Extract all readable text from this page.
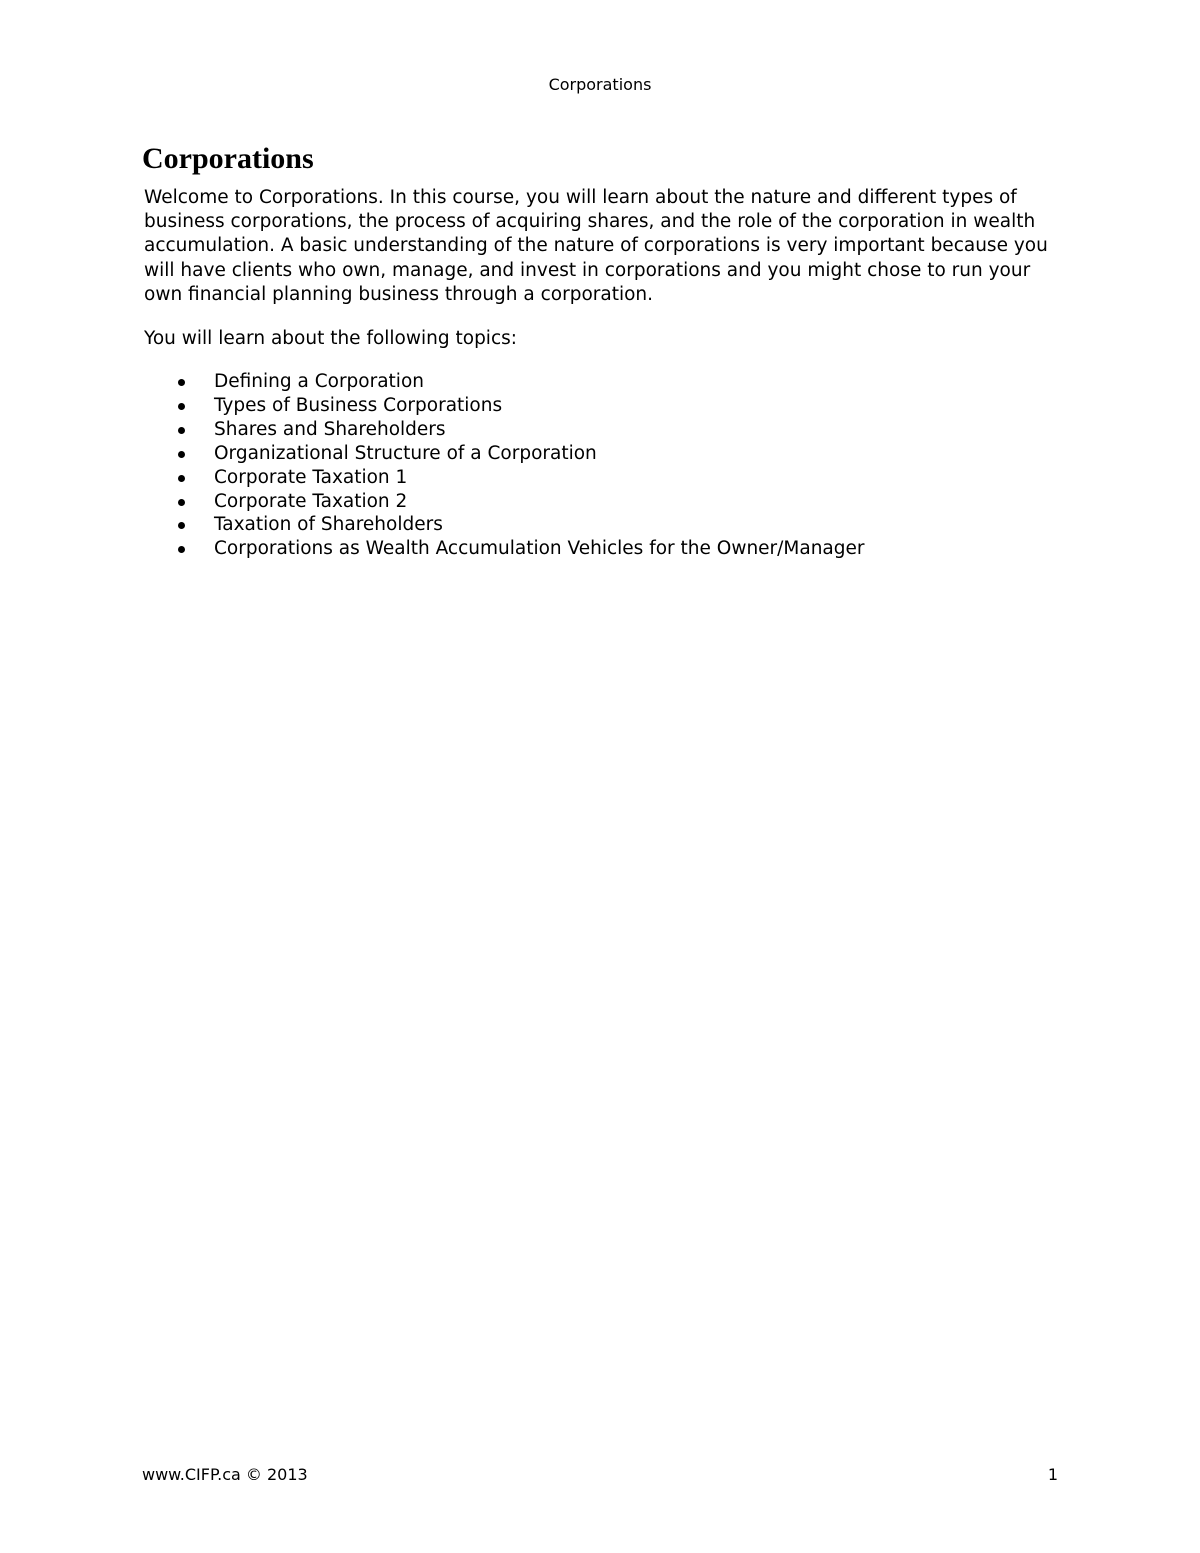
Corporations
Corporations

Welcome to Corporations. In this course, you will learn about the nature and different types of business corporations, the process of acquiring shares, and the role of the corporation in wealth accumulation. A basic understanding of the nature of corporations is very important because you will have clients who own, manage, and invest in corporations and you might chose to run your own financial planning business through a corporation.

You will learn about the following topics:

Defining a Corporation
Types of Business Corporations
Shares and Shareholders
Organizational Structure of a Corporation
Corporate Taxation 1
Corporate Taxation 2
Taxation of Shareholders
Corporations as Wealth Accumulation Vehicles for the Owner/Manager
www.CIFP.ca © 2013	1
